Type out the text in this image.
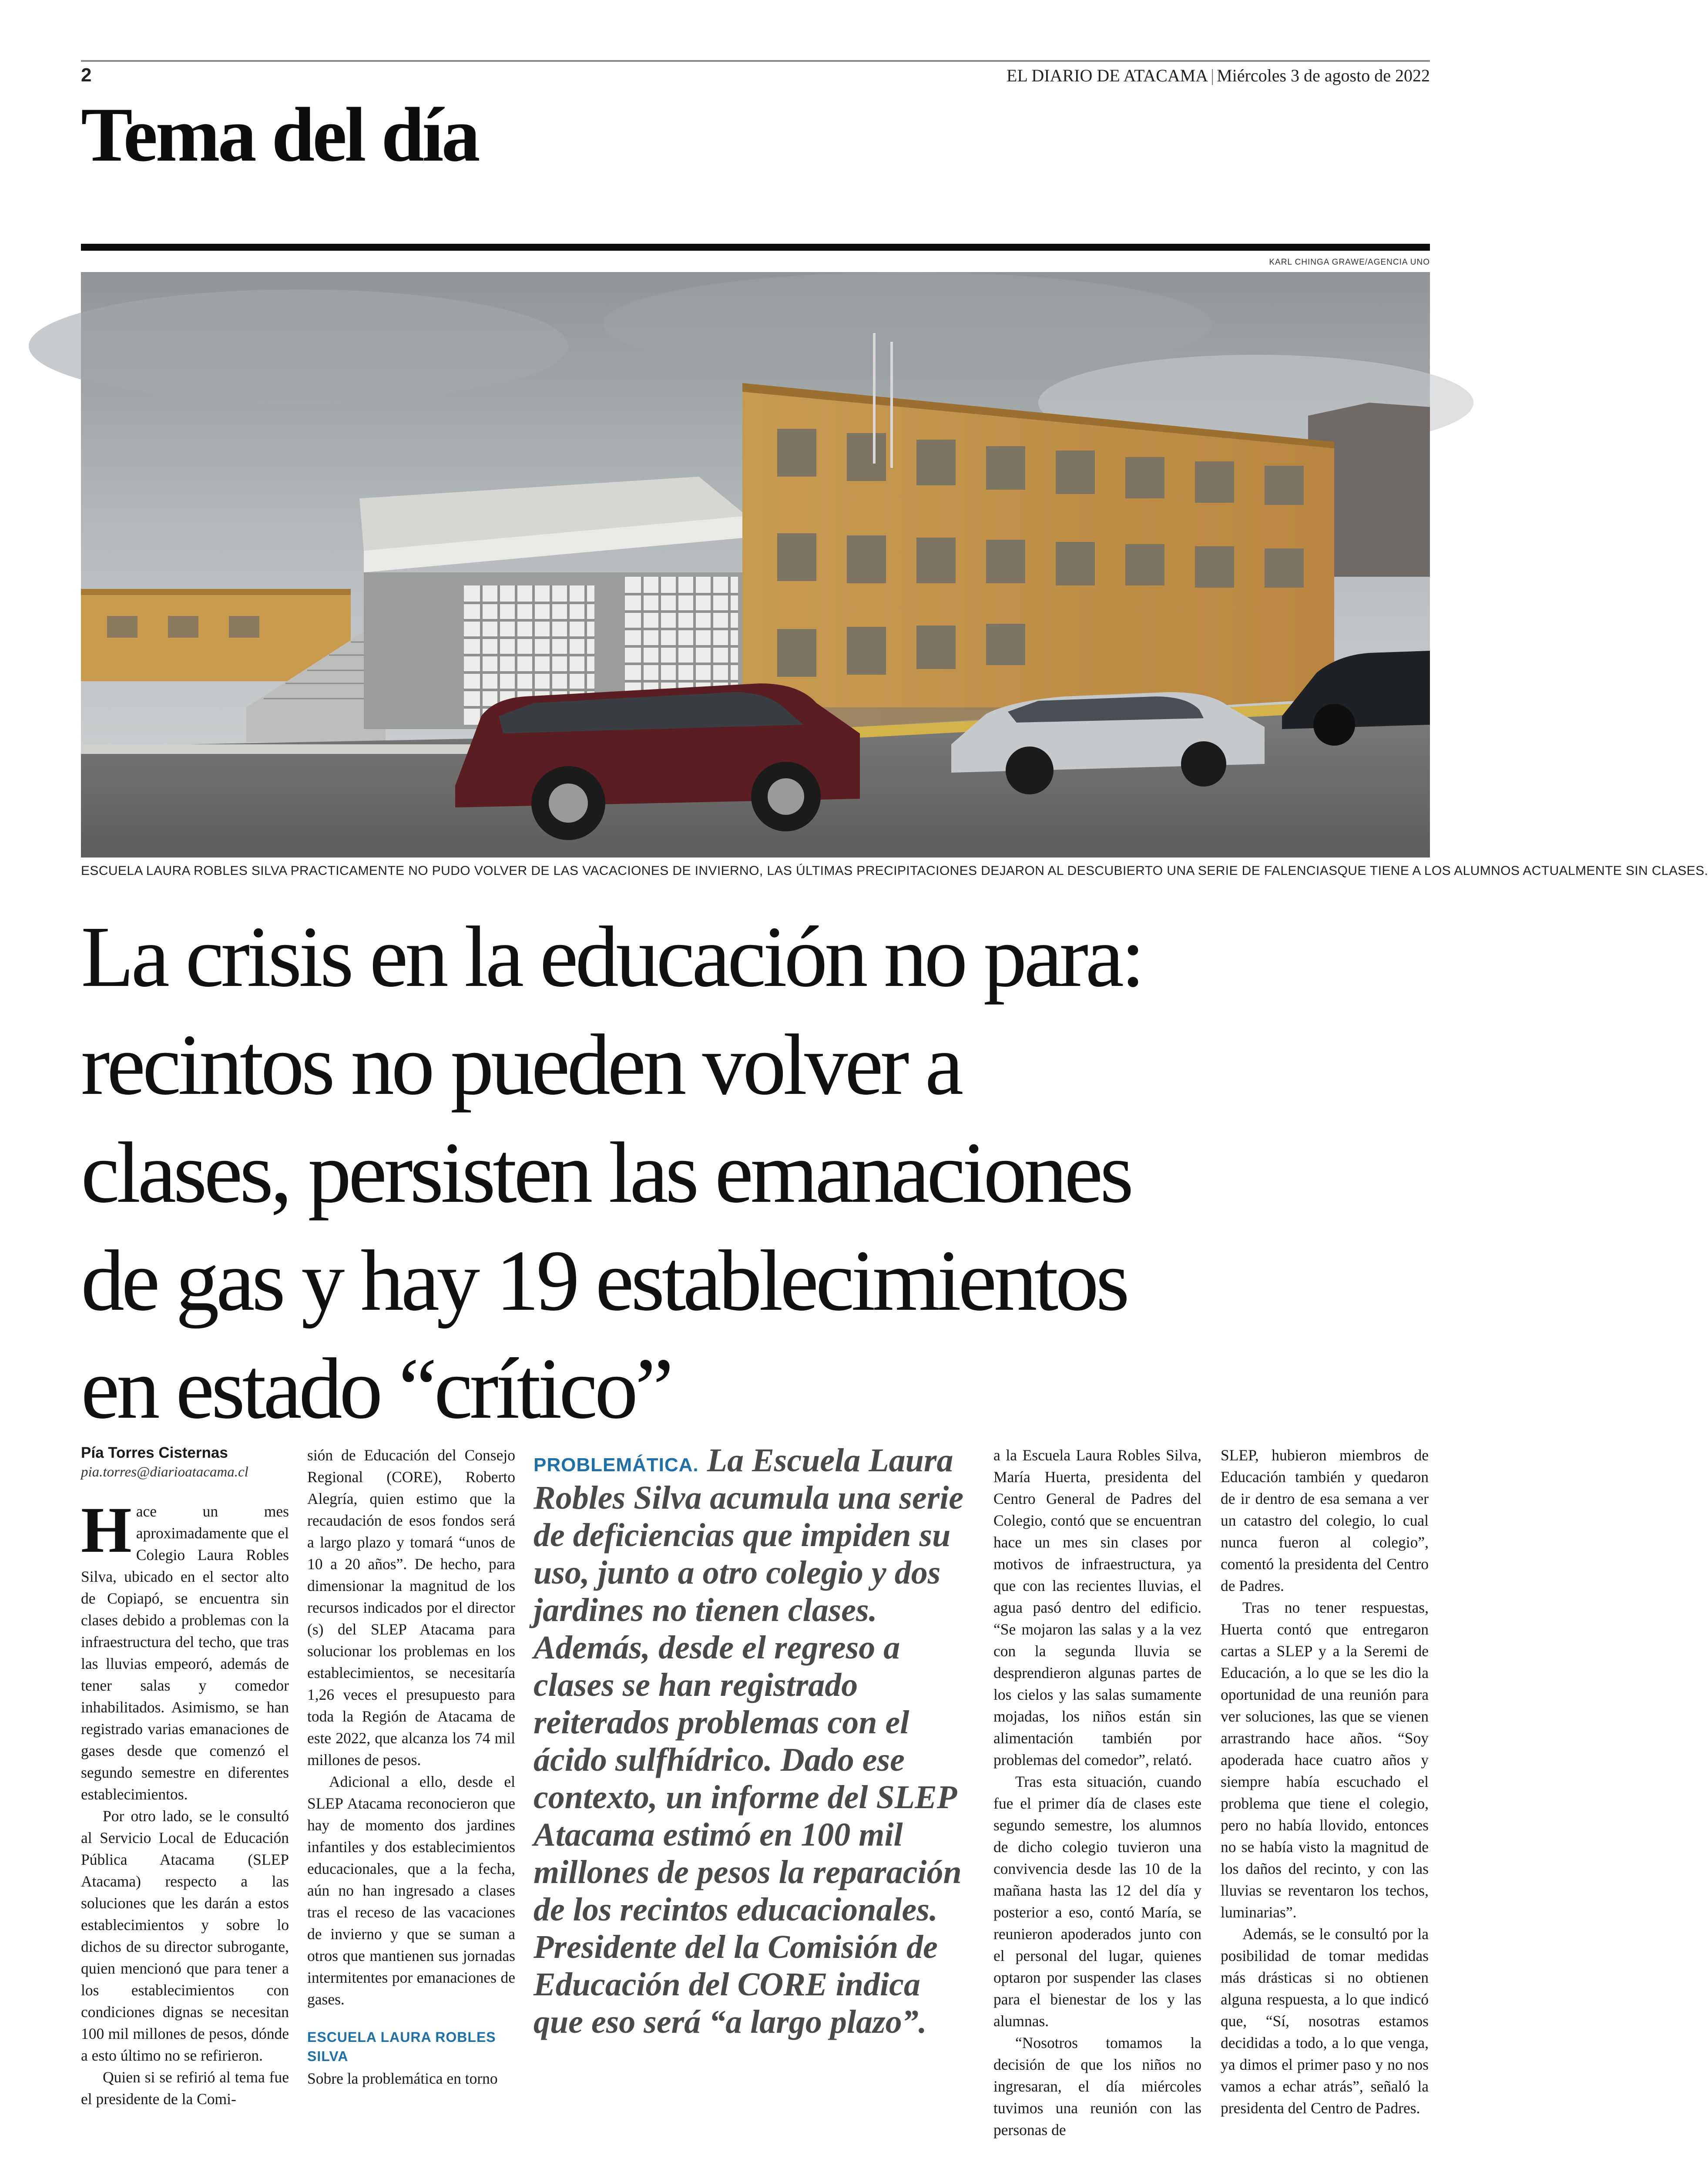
2	EL DIARIO DE ATACAMA | Miércoles 3 de agosto de 2022
Tema del día
KARL CHINGA GRAWE/AGENCIA UNO
ESCUELA LAURA ROBLES SILVA PRACTICAMENTE NO PUDO VOLVER DE LAS VACACIONES DE INVIERNO, LAS ÚLTIMAS PRECIPITACIONES DEJARON AL DESCUBIERTO UNA SERIE DE FALENCIASQUE TIENE A LOS ALUMNOS ACTUALMENTE SIN CLASES.
La crisis en la educación no para:
recintos no pueden volver a
clases, persisten las emanaciones
de gas y hay 19 establecimientos
en estado “crítico”
Pía Torres Cisternas
pia.torres@diarioatacama.cl

Hace un mes aproximadamente que el Colegio Laura Robles Silva, ubicado en el sector alto de Copiapó, se encuentra sin clases debido a problemas con la infraestructura del techo, que tras las lluvias empeoró, además de tener salas y comedor inhabilitados. Asimismo, se han registrado varias emanaciones de gases desde que comenzó el segundo semestre en diferentes establecimientos.

Por otro lado, se le consultó al Servicio Local de Educación Pública Atacama (SLEP Atacama) respecto a las soluciones que les darán a estos establecimientos y sobre lo dichos de su director subrogante, quien mencionó que para tener a los establecimientos con condiciones dignas se necesitan 100 mil millones de pesos, dónde a esto último no se refirieron.

Quien si se refirió al tema fue el presidente de la Comi-

sión de Educación del Consejo Regional (CORE), Roberto Alegría, quien estimo que la recaudación de esos fondos será a largo plazo y tomará “unos de 10 a 20 años”. De hecho, para dimensionar la magnitud de los recursos indicados por el director (s) del SLEP Atacama para solucionar los problemas en los establecimientos, se necesitaría 1,26 veces el presupuesto para toda la Región de Atacama de este 2022, que alcanza los 74 mil millones de pesos.

Adicional a ello, desde el SLEP Atacama reconocieron que hay de momento dos jardines infantiles y dos establecimientos educacionales, que a la fecha, aún no han ingresado a clases tras el receso de las vacaciones de invierno y que se suman a otros que mantienen sus jornadas intermitentes por emanaciones de gases.

ESCUELA LAURA ROBLES SILVA

Sobre la problemática en torno

PROBLEMÁTICA. La Escuela Laura Robles Silva acumula una serie de deficiencias que impiden su uso, junto a otro colegio y dos jardines no tienen clases. Además, desde el regreso a clases se han registrado reiterados problemas con el ácido sulfhídrico. Dado ese contexto, un informe del SLEP Atacama estimó en 100 mil millones de pesos la reparación de los recintos educacionales. Presidente del la Comisión de Educación del CORE indica que eso será “a largo plazo”.

a la Escuela Laura Robles Silva, María Huerta, presidenta del Centro General de Padres del Colegio, contó que se encuentran hace un mes sin clases por motivos de infraestructura, ya que con las recientes lluvias, el agua pasó dentro del edificio. “Se mojaron las salas y a la vez con la segunda lluvia se desprendieron algunas partes de los cielos y las salas sumamente mojadas, los niños están sin alimentación también por problemas del comedor”, relató.

Tras esta situación, cuando fue el primer día de clases este segundo semestre, los alumnos de dicho colegio tuvieron una convivencia desde las 10 de la mañana hasta las 12 del día y posterior a eso, contó María, se reunieron apoderados junto con el personal del lugar, quienes optaron por suspender las clases para el bienestar de los y las alumnas.

“Nosotros tomamos la decisión de que los niños no ingresaran, el día miércoles tuvimos una reunión con las personas de

SLEP, hubieron miembros de Educación también y quedaron de ir dentro de esa semana a ver un catastro del colegio, lo cual nunca fueron al colegio”, comentó la presidenta del Centro de Padres.

Tras no tener respuestas, Huerta contó que entregaron cartas a SLEP y a la Seremi de Educación, a lo que se les dio la oportunidad de una reunión para ver soluciones, las que se vienen arrastrando hace años. “Soy apoderada hace cuatro años y siempre había escuchado el problema que tiene el colegio, pero no había llovido, entonces no se había visto la magnitud de los daños del recinto, y con las lluvias se reventaron los techos, luminarias”.

Además, se le consultó por la posibilidad de tomar medidas más drásticas si no obtienen alguna respuesta, a lo que indicó que, “Sí, nosotras estamos decididas a todo, a lo que venga, ya dimos el primer paso y no nos vamos a echar atrás”, señaló la presidenta del Centro de Padres.
